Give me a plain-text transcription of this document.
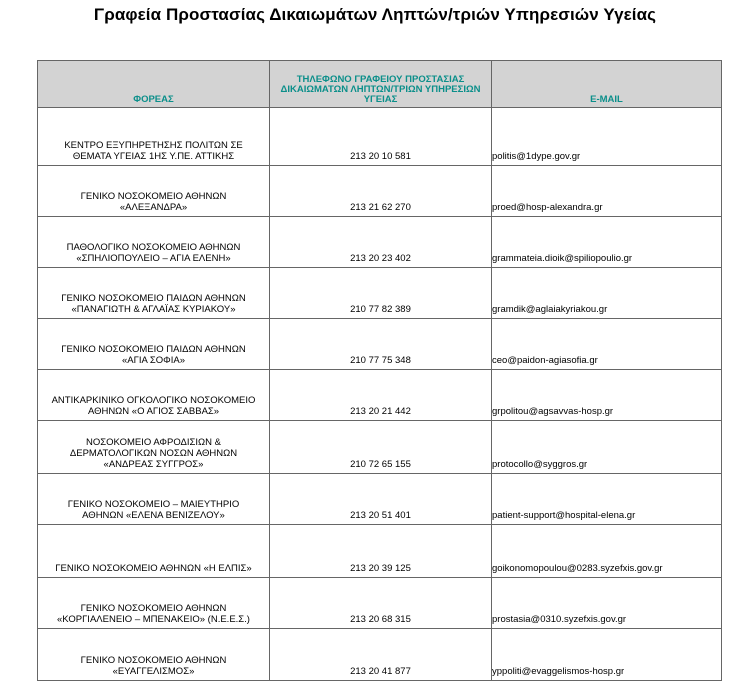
Γραφεία Προστασίας Δικαιωμάτων Ληπτών/τριών Υπηρεσιών Υγείας
ΦΟΡΕΑΣ	ΤΗΛΕΦΩΝΟ ΓΡΑΦΕΙΟΥ ΠΡΟΣΤΑΣΙΑΣ ΔΙΚΑΙΩΜΑΤΩΝ ΛΗΠΤΩΝ/ΤΡΙΩΝ ΥΠΗΡΕΣΙΩΝ ΥΓΕΙΑΣ	E-MAIL

ΚΕΝΤΡΟ ΕΞΥΠΗΡΕΤΗΣΗΣ ΠΟΛΙΤΩΝ ΣΕ
ΘΕΜΑΤΑ ΥΓΕΙΑΣ 1ΗΣ Υ.ΠΕ. ΑΤΤΙΚΗΣ	213 20 10 581	politis@1dype.gov.gr

ΓΕΝΙΚΟ ΝΟΣΟΚΟΜΕΙΟ ΑΘΗΝΩΝ
«ΑΛΕΞΑΝΔΡΑ»	213 21 62 270	proed@hosp-alexandra.gr

ΠΑΘΟΛΟΓΙΚΟ ΝΟΣΟΚΟΜΕΙΟ ΑΘΗΝΩΝ
«ΣΠΗΛΙΟΠΟΥΛΕΙΟ – ΑΓΙΑ ΕΛΕΝΗ»	213 20 23 402	grammateia.dioik@spiliopoulio.gr

ΓΕΝΙΚΟ ΝΟΣΟΚΟΜΕΙΟ ΠΑΙΔΩΝ ΑΘΗΝΩΝ
«ΠΑΝΑΓΙΩΤΗ & ΑΓΛΑΪΑΣ ΚΥΡΙΑΚΟΥ»	210 77 82 389	gramdik@aglaiakyriakou.gr

ΓΕΝΙΚΟ ΝΟΣΟΚΟΜΕΙΟ ΠΑΙΔΩΝ ΑΘΗΝΩΝ
«ΑΓΙΑ ΣΟΦΙΑ»	210 77 75 348	ceo@paidon-agiasofia.gr

ΑΝΤΙΚΑΡΚΙΝΙΚΟ ΟΓΚΟΛΟΓΙΚΟ ΝΟΣΟΚΟΜΕΙΟ
ΑΘΗΝΩΝ «Ο ΑΓΙΟΣ ΣΑΒΒΑΣ»	213 20 21 442	grpolitou@agsavvas-hosp.gr

ΝΟΣΟΚΟΜΕΙΟ ΑΦΡΟΔΙΣΙΩΝ &
ΔΕΡΜΑΤΟΛΟΓΙΚΩΝ ΝΟΣΩΝ ΑΘΗΝΩΝ
«ΑΝΔΡΕΑΣ ΣΥΓΓΡΟΣ»	210 72 65 155	protocollo@syggros.gr

ΓΕΝΙΚΟ ΝΟΣΟΚΟΜΕΙΟ – ΜΑΙΕΥΤΗΡΙΟ
ΑΘΗΝΩΝ «ΕΛΕΝΑ ΒΕΝΙΖΕΛΟΥ»	213 20 51 401	patient-support@hospital-elena.gr

ΓΕΝΙΚΟ ΝΟΣΟΚΟΜΕΙΟ ΑΘΗΝΩΝ «Η ΕΛΠΙΣ»	213 20 39 125	goikonomopoulou@0283.syzefxis.gov.gr

ΓΕΝΙΚΟ ΝΟΣΟΚΟΜΕΙΟ ΑΘΗΝΩΝ
«ΚΟΡΓΙΑΛΕΝΕΙΟ – ΜΠΕΝΑΚΕΙΟ» (Ν.Ε.Ε.Σ.)	213 20 68 315	prostasia@0310.syzefxis.gov.gr

ΓΕΝΙΚΟ ΝΟΣΟΚΟΜΕΙΟ ΑΘΗΝΩΝ
«ΕΥΑΓΓΕΛΙΣΜΟΣ»	213 20 41 877	yppoliti@evaggelismos-hosp.gr
